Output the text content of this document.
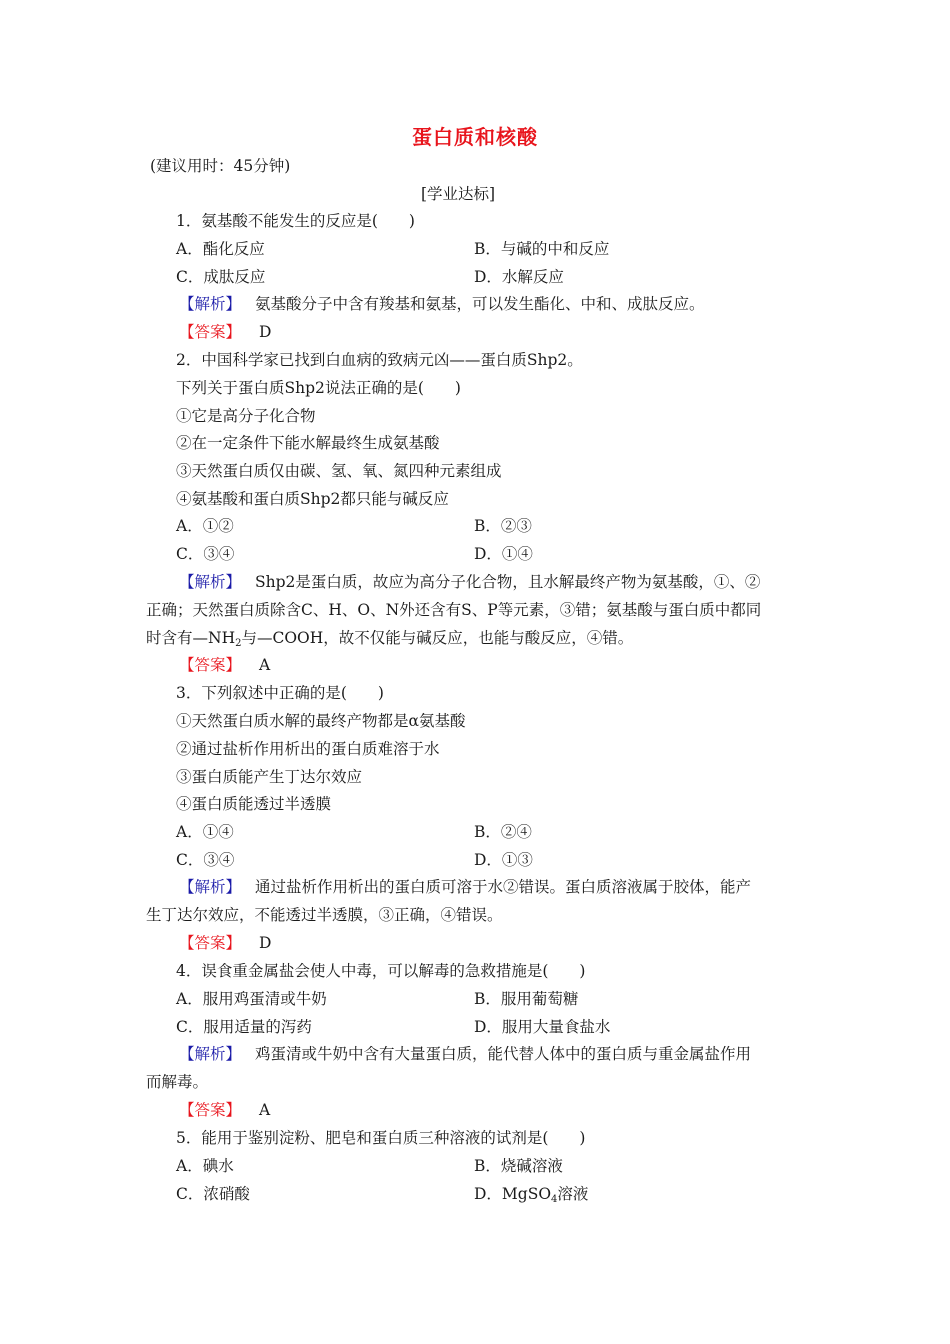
蛋白质和核酸
(建议用时：45分钟)
[学业达标]
1．氨基酸不能发生的反应是(　　)
A．酯化反应	B．与碱的中和反应
C．成肽反应	D．水解反应
【解析】 氨基酸分子中含有羧基和氨基，可以发生酯化、中和、成肽反应。
【答案】 D
2．中国科学家已找到白血病的致病元凶——蛋白质Shp2。
下列关于蛋白质Shp2说法正确的是(　　)
①它是高分子化合物
②在一定条件下能水解最终生成氨基酸
③天然蛋白质仅由碳、氢、氧、氮四种元素组成
④氨基酸和蛋白质Shp2都只能与碱反应
A．①②	B．②③
C．③④	D．①④
【解析】 Shp2是蛋白质，故应为高分子化合物，且水解最终产物为氨基酸，①、②
正确；天然蛋白质除含C、H、O、N外还含有S、P等元素，③错；氨基酸与蛋白质中都同
时含有$—NH_2$与—COOH，故不仅能与碱反应，也能与酸反应，④错。
【答案】 A
3．下列叙述中正确的是(　　)
①天然蛋白质水解的最终产物都是α氨基酸
②通过盐析作用析出的蛋白质难溶于水
③蛋白质能产生丁达尔效应
④蛋白质能透过半透膜
A．①④	B．②④
C．③④	D．①③
【解析】 通过盐析作用析出的蛋白质可溶于水②错误。蛋白质溶液属于胶体，能产
生丁达尔效应，不能透过半透膜，③正确，④错误。
【答案】 D
4．误食重金属盐会使人中毒，可以解毒的急救措施是(　　)
A．服用鸡蛋清或牛奶	B．服用葡萄糖
C．服用适量的泻药	D．服用大量食盐水
【解析】 鸡蛋清或牛奶中含有大量蛋白质，能代替人体中的蛋白质与重金属盐作用
而解毒。
【答案】 A
5．能用于鉴别淀粉、肥皂和蛋白质三种溶液的试剂是(　　)
A．碘水	B．烧碱溶液
C．浓硝酸	D．MgSO$_4$溶液
